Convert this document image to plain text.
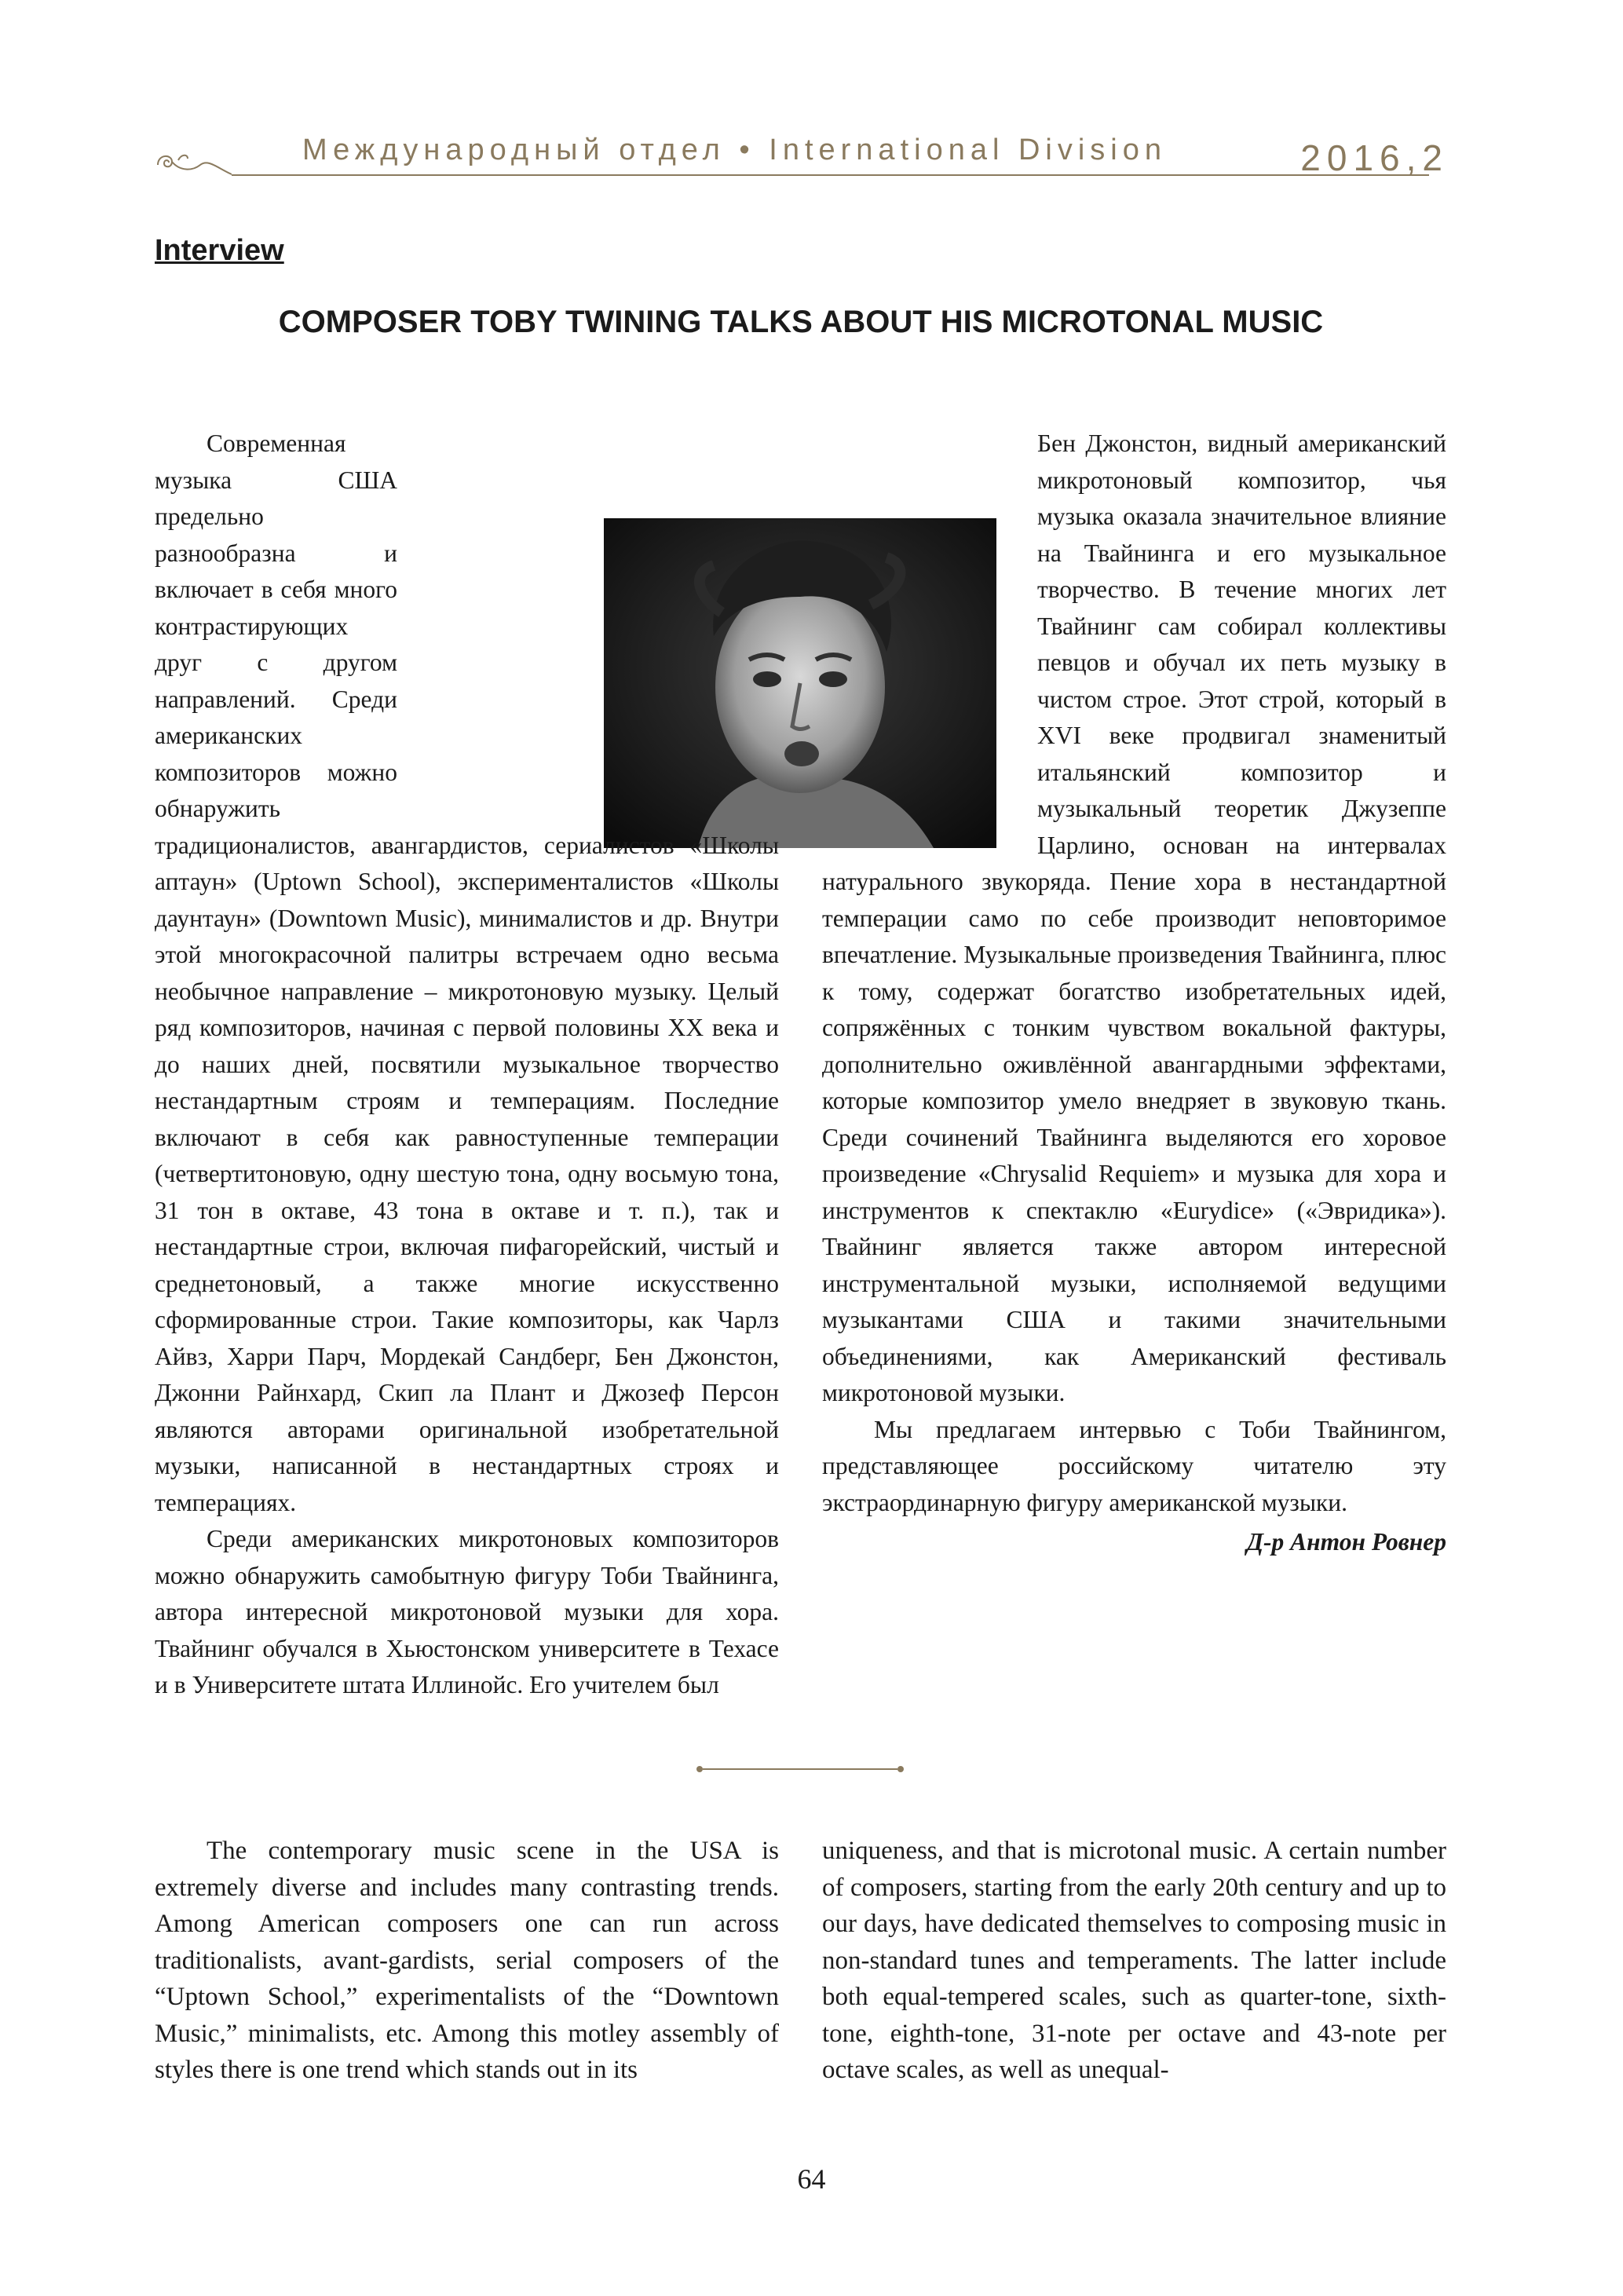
Международный отдел • International Division	2016,2
Interview
COMPOSER TOBY TWINING TALKS ABOUT HIS MICROTONAL MUSIC

Современная музыка США предельно разнообразна и включает в себя много контрастирующих друг с другом направлений. Среди американских композиторов можно обнаружить традиционалистов, авангардистов, сериалистов «Школы аптаун» (Uptown School), эксперименталистов «Школы даунтаун» (Downtown Music), минималистов и др. Внутри этой многокрасочной палитры встречаем одно весьма необычное направление – микротоновую музыку. Целый ряд композиторов, начиная с первой половины XX века и до наших дней, посвятили музыкальное творчество нестандартным строям и темперациям. Последние включают в себя как равноступенные темперации (четвертитоновую, одну шестую тона, одну восьмую тона, 31 тон в октаве, 43 тона в октаве и т. п.), так и нестандартные строи, включая пифагорейский, чистый и среднетоновый, а также многие искусственно сформированные строи. Такие композиторы, как Чарлз Айвз, Харри Парч, Мордекай Сандберг, Бен Джонстон, Джонни Райнхард, Скип ла Плант и Джозеф Персон являются авторами оригинальной изобретательной музыки, написанной в нестандартных строях и темперациях.

Среди американских микротоновых композиторов можно обнаружить самобытную фигуру Тоби Твайнинга, автора интересной микротоновой музыки для хора. Твайнинг обучался в Хьюстонском университете в Техасе и в Университете штата Иллинойс. Его учителем был

Бен Джонстон, видный американский микротоновый композитор, чья музыка оказала значительное влияние на Твайнинга и его музыкальное творчество. В течение многих лет Твайнинг сам собирал коллективы певцов и обучал их петь музыку в чистом строе. Этот строй, который в XVI веке продвигал знаменитый итальянский композитор и музыкальный теоретик Джузеппе Царлино, основан на интервалах натурального звукоряда. Пение хора в нестандартной темперации само по себе производит неповторимое впечатление. Музыкальные произведения Твайнинга, плюс к тому, содержат богатство изобретательных идей, сопряжённых с тонким чувством вокальной фактуры, дополнительно оживлённой авангардными эффектами, которые композитор умело внедряет в звуковую ткань. Среди сочинений Твайнинга выделяются его хоровое произведение «Chrysalid Requiem» и музыка для хора и инструментов к спектаклю «Eurydice» («Эвридика»). Твайнинг является также автором интересной инструментальной музыки, исполняемой ведущими музыкантами США и такими значительными объединениями, как Американский фестиваль микротоновой музыки.

Мы предлагаем интервью с Тоби Твайнингом, представляющее российскому читателю эту экстраординарную фигуру американской музыки.

Д-р Антон Ровнер

The contemporary music scene in the USA is extremely diverse and includes many contrasting trends. Among American composers one can run across traditionalists, avant-gardists, serial composers of the “Uptown School,” experimentalists of the “Downtown Music,” minimalists, etc. Among this motley assembly of styles there is one trend which stands out in its

uniqueness, and that is microtonal music. A certain number of composers, starting from the early 20th century and up to our days, have dedicated themselves to composing music in non-standard tunes and temperaments. The latter include both equal-tempered scales, such as quarter-tone, sixth-tone, eighth-tone, 31-note per octave and 43-note per octave scales, as well as unequal-

64
